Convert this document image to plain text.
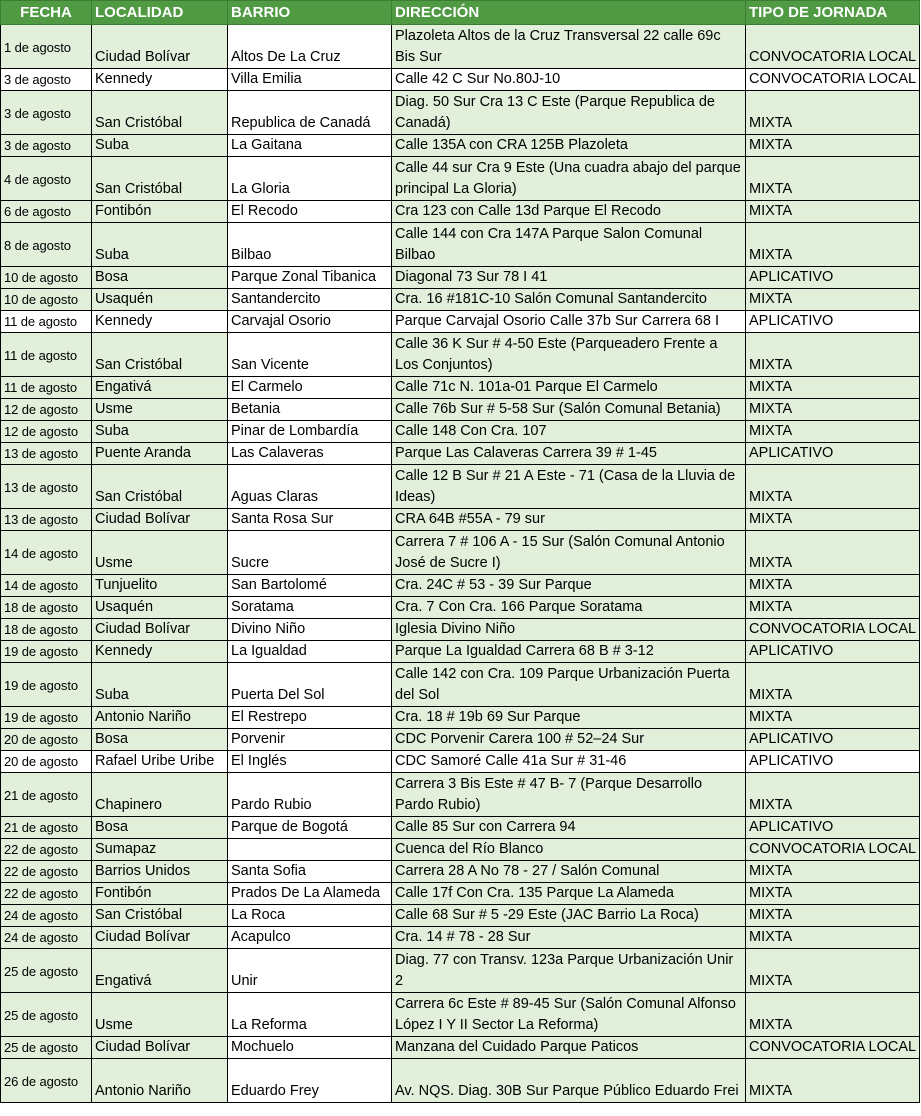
FECHA	LOCALIDAD	BARRIO	DIRECCIÓN	TIPO DE JORNADA
1 de agosto	Ciudad Bolívar	Altos De La Cruz	Plazoleta Altos de la Cruz Transversal 22 calle 69c Bis Sur	CONVOCATORIA LOCAL
3 de agosto	Kennedy	Villa Emilia	Calle 42 C Sur No.80J-10	CONVOCATORIA LOCAL
3 de agosto	San Cristóbal	Republica de Canadá	Diag. 50 Sur Cra 13 C Este (Parque Republica de Canadá)	MIXTA
3 de agosto	Suba	La Gaitana	Calle 135A con CRA 125B Plazoleta	MIXTA
4 de agosto	San Cristóbal	La Gloria	Calle 44 sur Cra 9 Este (Una cuadra abajo del parque principal La Gloria)	MIXTA
6 de agosto	Fontibón	El Recodo	Cra 123 con Calle 13d Parque El Recodo	MIXTA
8 de agosto	Suba	Bilbao	Calle 144 con Cra 147A Parque Salon Comunal Bilbao	MIXTA
10 de agosto	Bosa	Parque Zonal Tibanica	Diagonal 73 Sur 78 I 41	APLICATIVO
10 de agosto	Usaquén	Santandercito	Cra. 16 #181C-10 Salón Comunal Santandercito	MIXTA
11 de agosto	Kennedy	Carvajal Osorio	Parque Carvajal Osorio Calle 37b Sur Carrera 68 I	APLICATIVO
11 de agosto	San Cristóbal	San Vicente	Calle 36 K Sur # 4-50 Este (Parqueadero Frente a Los Conjuntos)	MIXTA
11 de agosto	Engativá	El Carmelo	Calle 71c N. 101a-01 Parque El Carmelo	MIXTA
12 de agosto	Usme	Betania	Calle 76b Sur # 5-58 Sur (Salón Comunal Betania)	MIXTA
12 de agosto	Suba	Pinar de Lombardía	Calle 148 Con Cra. 107	MIXTA
13 de agosto	Puente Aranda	Las Calaveras	Parque Las Calaveras Carrera 39 # 1-45	APLICATIVO
13 de agosto	San Cristóbal	Aguas Claras	Calle 12 B Sur # 21 A Este - 71 (Casa de la Lluvia de Ideas)	MIXTA
13 de agosto	Ciudad Bolívar	Santa Rosa Sur	CRA 64B #55A - 79 sur	MIXTA
14 de agosto	Usme	Sucre	Carrera 7 # 106 A - 15 Sur (Salón Comunal Antonio José de Sucre I)	MIXTA
14 de agosto	Tunjuelito	San Bartolomé	Cra. 24C # 53 - 39 Sur Parque	MIXTA
18 de agosto	Usaquén	Soratama	Cra. 7 Con Cra. 166 Parque Soratama	MIXTA
18 de agosto	Ciudad Bolívar	Divino Niño	Iglesia Divino Niño	CONVOCATORIA LOCAL
19 de agosto	Kennedy	La Igualdad	Parque La Igualdad Carrera 68 B # 3-12	APLICATIVO
19 de agosto	Suba	Puerta Del Sol	Calle 142 con Cra. 109 Parque Urbanización Puerta del Sol	MIXTA
19 de agosto	Antonio Nariño	El Restrepo	Cra. 18 # 19b 69 Sur Parque	MIXTA
20 de agosto	Bosa	Porvenir	CDC Porvenir Carera 100 # 52–24 Sur	APLICATIVO
20 de agosto	Rafael Uribe Uribe	El Inglés	CDC Samoré Calle 41a Sur # 31-46	APLICATIVO
21 de agosto	Chapinero	Pardo Rubio	Carrera 3 Bis Este # 47 B- 7 (Parque Desarrollo Pardo Rubio)	MIXTA
21 de agosto	Bosa	Parque de Bogotá	Calle 85 Sur con Carrera 94	APLICATIVO
22 de agosto	Sumapaz		Cuenca del Río Blanco	CONVOCATORIA LOCAL
22 de agosto	Barrios Unidos	Santa Sofia	Carrera 28 A No 78 - 27 / Salón Comunal	MIXTA
22 de agosto	Fontibón	Prados De La Alameda	Calle 17f Con Cra. 135 Parque La Alameda	MIXTA
24 de agosto	San Cristóbal	La Roca	Calle 68 Sur # 5 -29 Este (JAC Barrio La Roca)	MIXTA
24 de agosto	Ciudad Bolívar	Acapulco	Cra. 14 # 78 - 28 Sur	MIXTA
25 de agosto	Engativá	Unir	Diag. 77 con Transv. 123a Parque Urbanización Unir 2	MIXTA
25 de agosto	Usme	La Reforma	Carrera 6c Este # 89-45 Sur (Salón Comunal Alfonso López I Y II Sector La Reforma)	MIXTA
25 de agosto	Ciudad Bolívar	Mochuelo	Manzana del Cuidado Parque Paticos	CONVOCATORIA LOCAL
26 de agosto	Antonio Nariño	Eduardo Frey	Av. NQS. Diag. 30B Sur Parque Público Eduardo Frei	MIXTA
